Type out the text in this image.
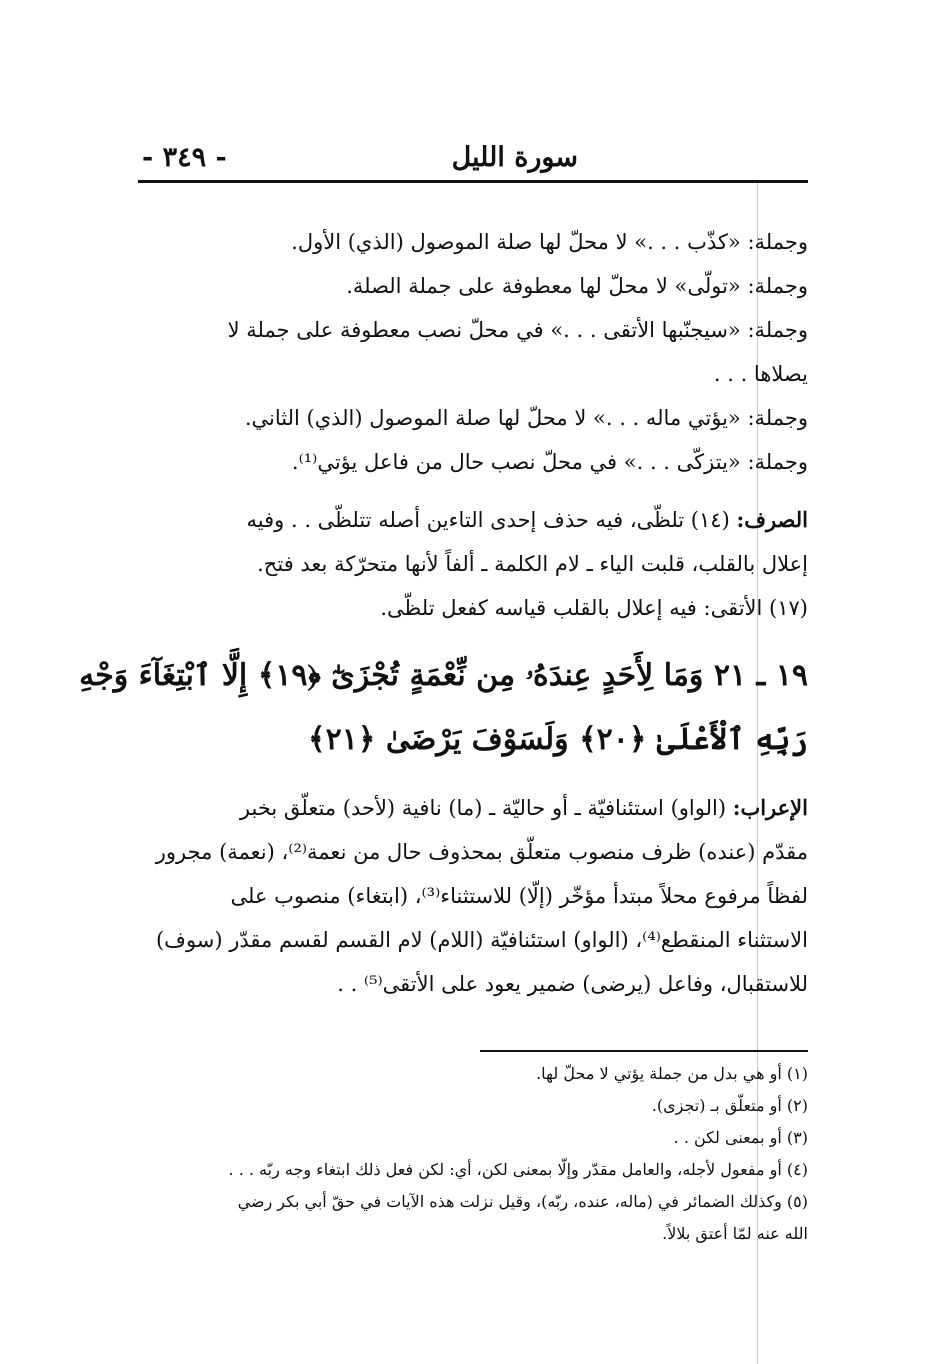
سورة الليل
- ٣٤٩ -
وجملة: «كذّب . . .» لا محلّ لها صلة الموصول (الذي) الأول.
وجملة: «تولّى» لا محلّ لها معطوفة على جملة الصلة.
وجملة: «سيجنّبها الأتقى . . .» في محلّ نصب معطوفة على جملة لا
يصلاها . . .
وجملة: «يؤتي ماله . . .» لا محلّ لها صلة الموصول (الذي) الثاني.
وجملة: «يتزكّى . . .» في محلّ نصب حال من فاعل يؤتي⁽¹⁾.
الصرف: (١٤) تلظّى، فيه حذف إحدى التاءين أصله تتلظّى . . وفيه
إعلال بالقلب، قلبت الياء ـ لام الكلمة ـ ألفاً لأنها متحرّكة بعد فتح.
(١٧) الأتقى: فيه إعلال بالقلب قياسه كفعل تلظّى.
١٩ ـ ٢١ وَمَا لِأَحَدٍ عِندَهُۥ مِن نِّعْمَةٍ تُجْزَىٰٓ ﴿١٩﴾ إِلَّا ٱبْتِغَآءَ وَجْهِ
رَبِّهِ ٱلْأَعْلَىٰ ﴿٢٠﴾ وَلَسَوْفَ يَرْضَىٰ ﴿٢١﴾
الإعراب: (الواو) استئنافيّة ـ أو حاليّة ـ (ما) نافية (لأحد) متعلّق بخبر
مقدّم (عنده) ظرف منصوب متعلّق بمحذوف حال من نعمة⁽²⁾، (نعمة) مجرور
لفظاً مرفوع محلاً مبتدأ مؤخّر (إلّا) للاستثناء⁽³⁾، (ابتغاء) منصوب على
الاستثناء المنقطع⁽⁴⁾، (الواو) استئنافيّة (اللام) لام القسم لقسم مقدّر (سوف)
للاستقبال، وفاعل (يرضى) ضمير يعود على الأتقى⁽⁵⁾ . .
(١) أو هي بدل من جملة يؤتي لا محلّ لها.
(٢) أو متعلّق بـ (تجزى).
(٣) أو بمعنى لكن . .
(٤) أو مفعول لأجله، والعامل مقدّر وإلّا بمعنى لكن، أي: لكن فعل ذلك ابتغاء وجه ربّه . . .
(٥) وكذلك الضمائر في (ماله، عنده، ربّه)، وقيل نزلت هذه الآيات في حقّ أبي بكر رضي
الله عنه لمّا أعتق بلالاً.
